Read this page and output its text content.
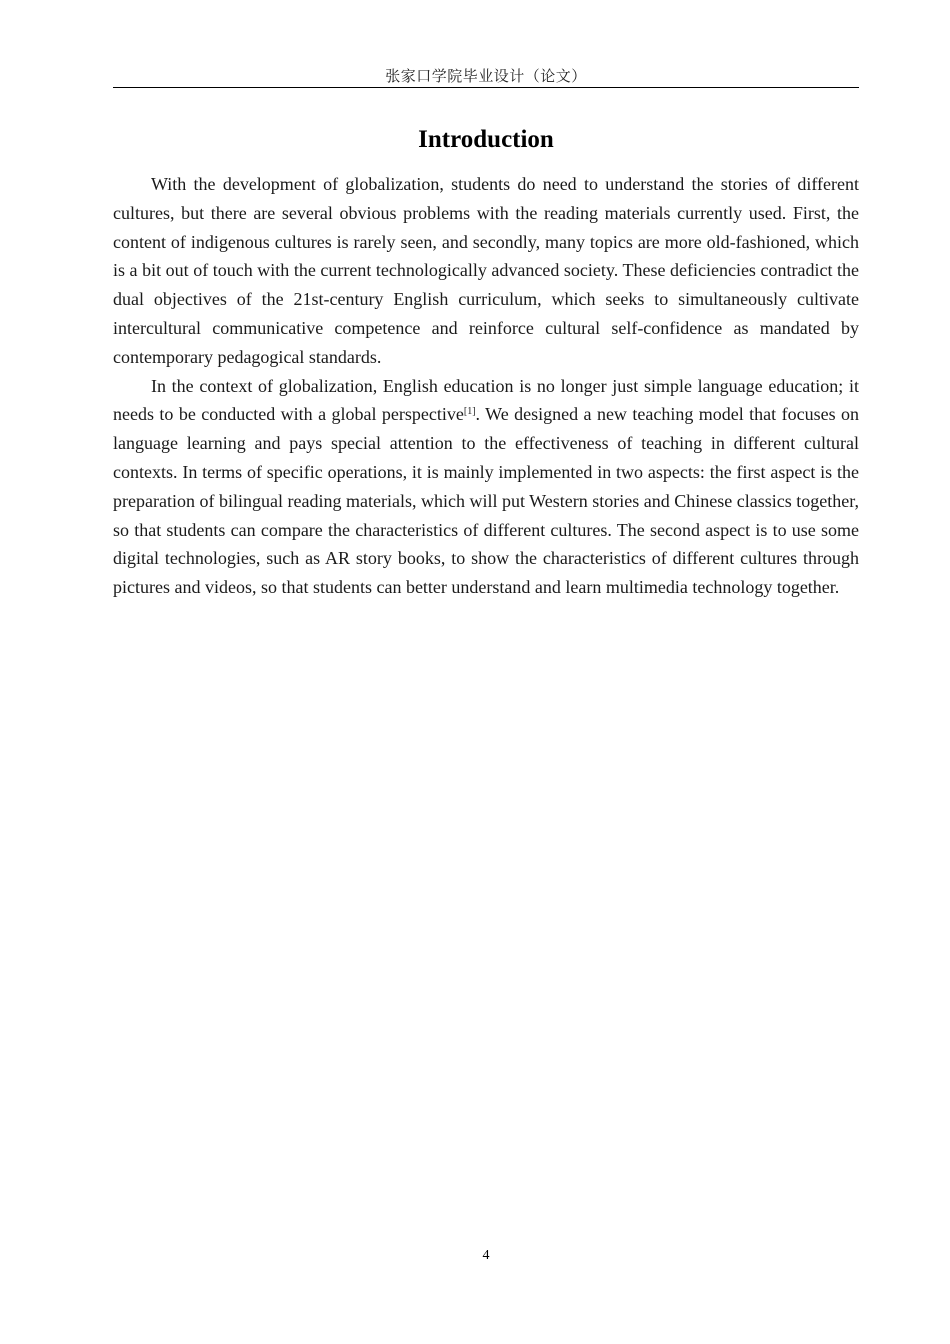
张家口学院毕业设计（论文）
Introduction

With the development of globalization, students do need to understand the stories of different cultures, but there are several obvious problems with the reading materials currently used. First, the content of indigenous cultures is rarely seen, and secondly, many topics are more old-fashioned, which is a bit out of touch with the current technologically advanced society. These deficiencies contradict the dual objectives of the 21st-century English curriculum, which seeks to simultaneously cultivate intercultural communicative competence and reinforce cultural self-confidence as mandated by contemporary pedagogical standards.

In the context of globalization, English education is no longer just simple language education; it needs to be conducted with a global perspective[1]. We designed a new teaching model that focuses on language learning and pays special attention to the effectiveness of teaching in different cultural contexts. In terms of specific operations, it is mainly implemented in two aspects: the first aspect is the preparation of bilingual reading materials, which will put Western stories and Chinese classics together, so that students can compare the characteristics of different cultures. The second aspect is to use some digital technologies, such as AR story books, to show the characteristics of different cultures through pictures and videos, so that students can better understand and learn multimedia technology together.

4
